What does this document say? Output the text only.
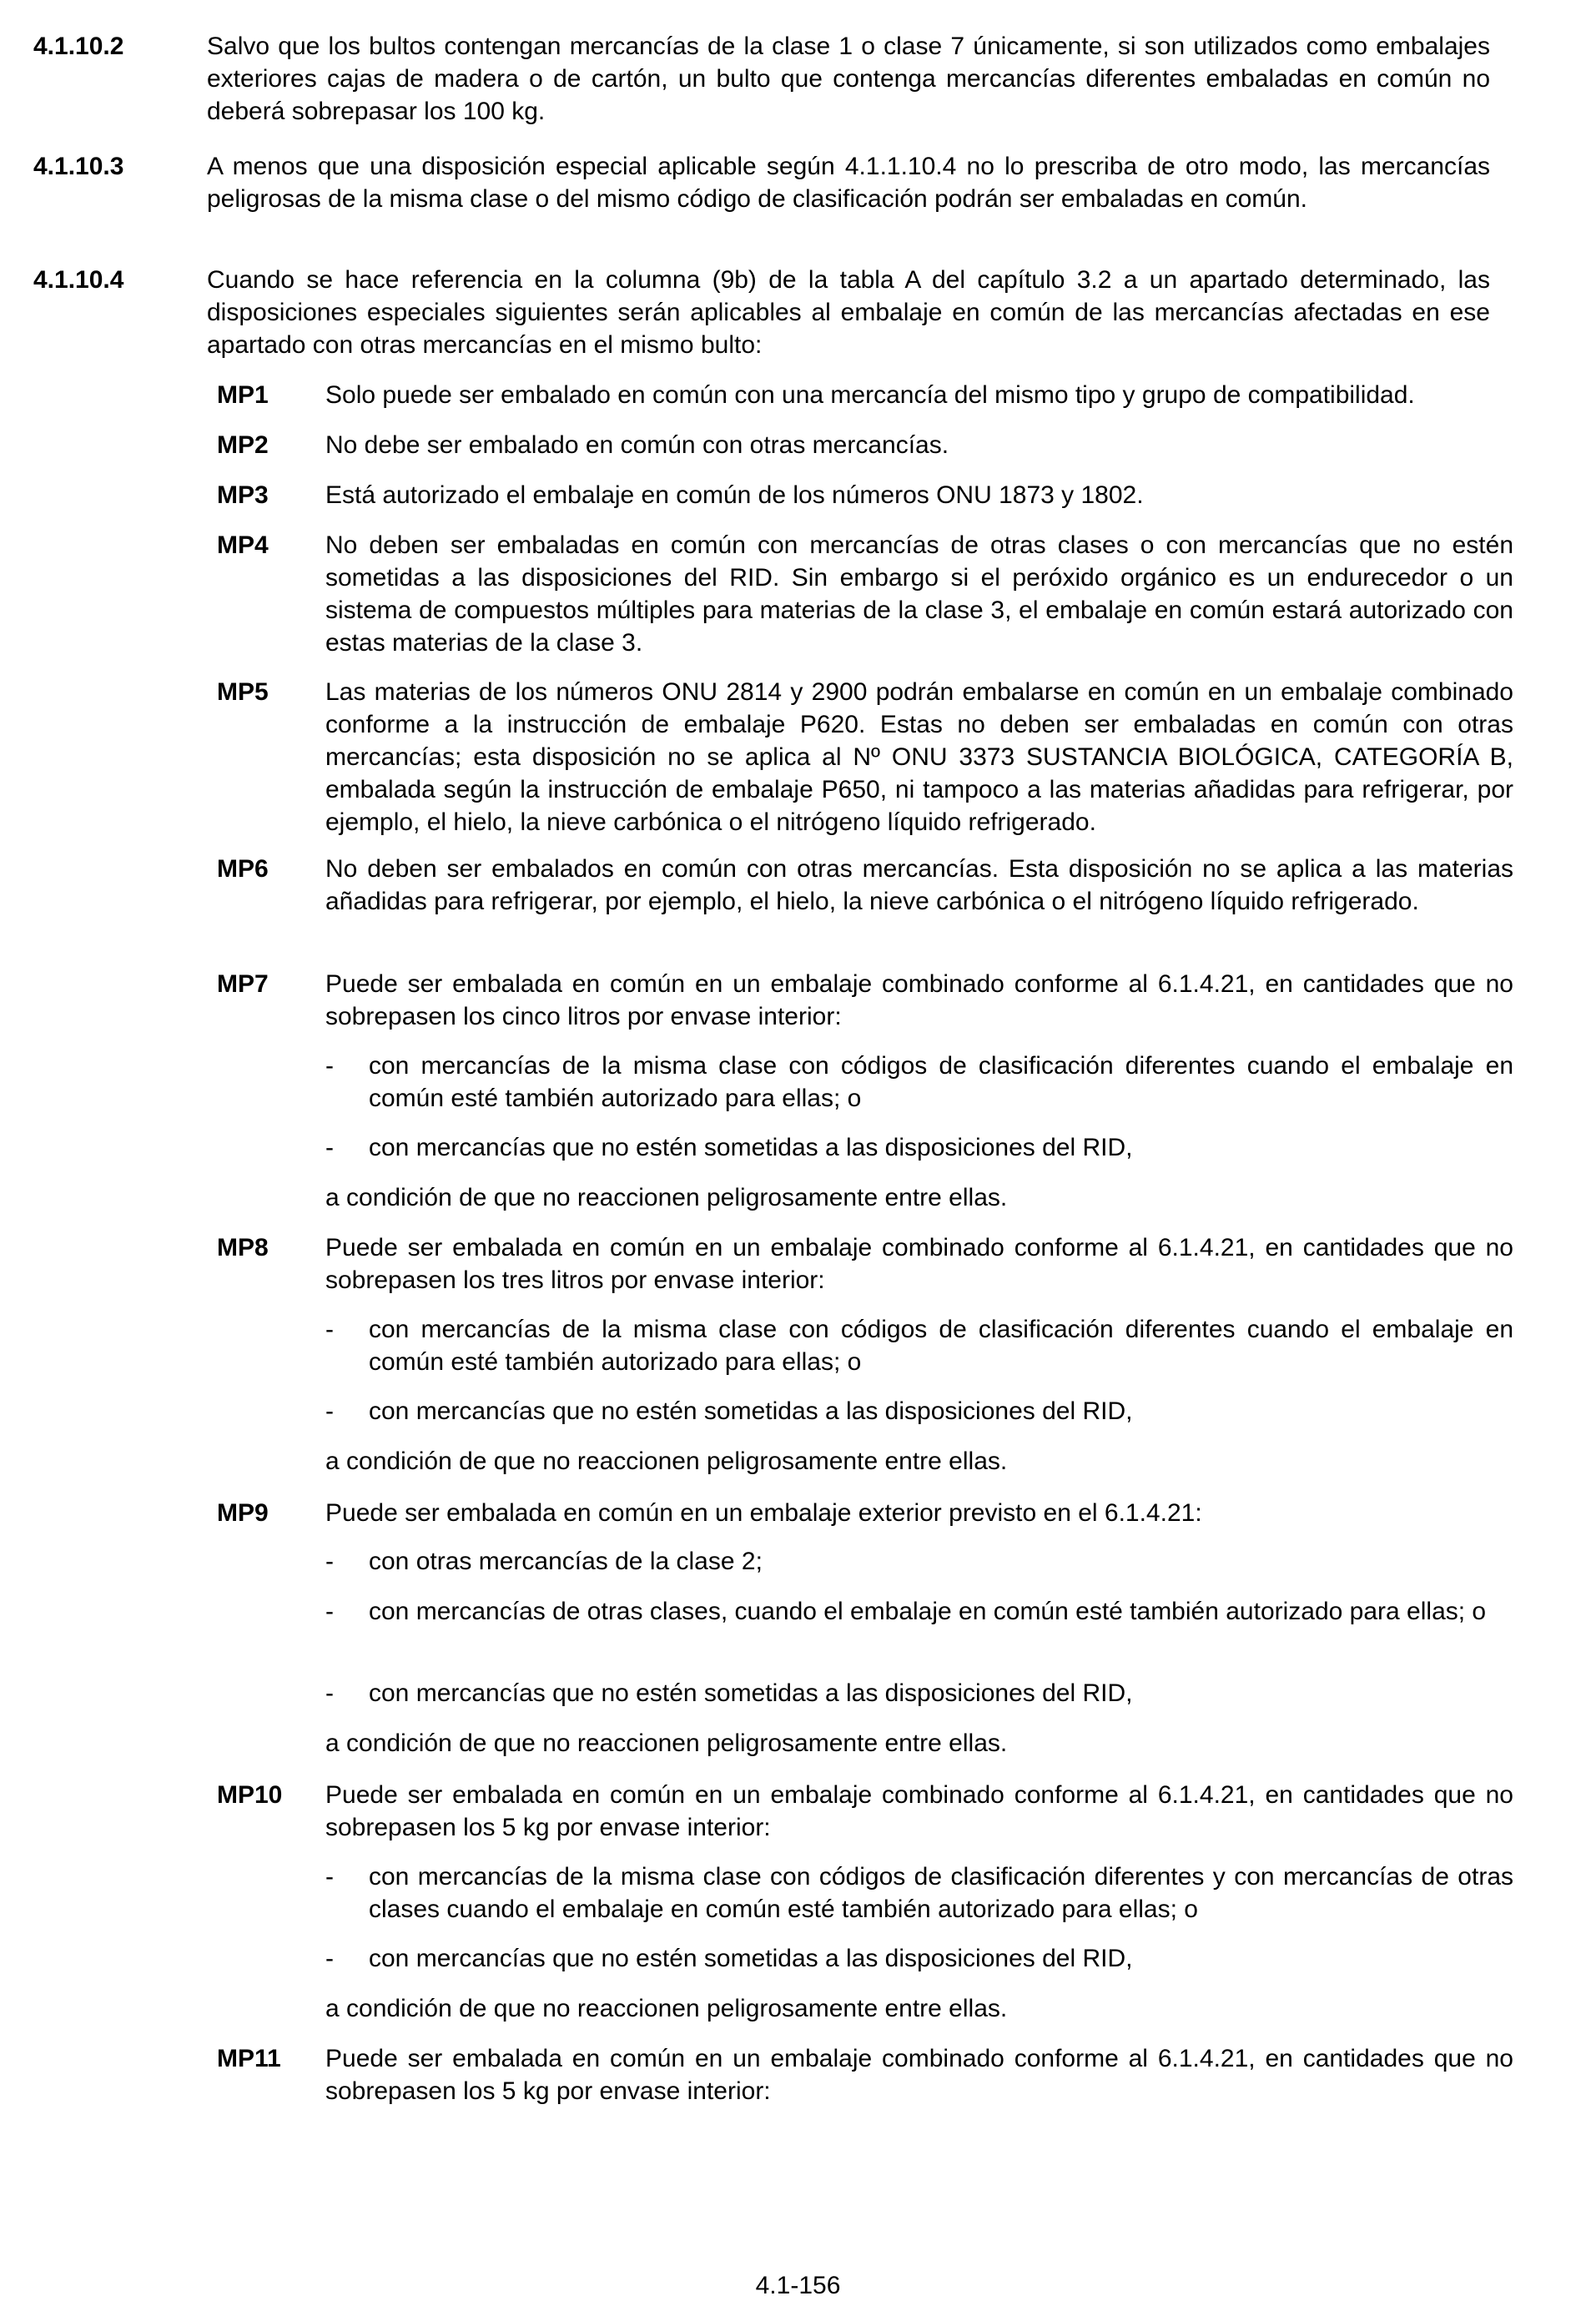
4.1.10.2	Salvo que los bultos contengan mercancías de la clase 1 o clase 7 únicamente, si son utilizados como embalajes exteriores cajas de madera o de cartón, un bulto que contenga mercancías diferentes embaladas en común no deberá sobrepasar los 100 kg.
4.1.10.3	A menos que una disposición especial aplicable según 4.1.1.10.4 no lo prescriba de otro modo, las mercancías peligrosas de la misma clase o del mismo código de clasificación podrán ser embaladas en común.
4.1.10.4	Cuando se hace referencia en la columna (9b) de la tabla A del capítulo 3.2 a un apartado determinado, las disposiciones especiales siguientes serán aplicables al embalaje en común de las mercancías afectadas en ese apartado con otras mercancías en el mismo bulto:
MP1 Solo puede ser embalado en común con una mercancía del mismo tipo y grupo de compatibilidad.
MP2 No debe ser embalado en común con otras mercancías.
MP3 Está autorizado el embalaje en común de los números ONU 1873 y 1802.
MP4 No deben ser embaladas en común con mercancías de otras clases o con mercancías que no estén sometidas a las disposiciones del RID. Sin embargo si el peróxido orgánico es un endurecedor o un sistema de compuestos múltiples para materias de la clase 3, el embalaje en común estará autorizado con estas materias de la clase 3.
MP5 Las materias de los números ONU 2814 y 2900 podrán embalarse en común en un embalaje combinado conforme a la instrucción de embalaje P620. Estas no deben ser embaladas en común con otras mercancías; esta disposición no se aplica al Nº ONU 3373 SUSTANCIA BIOLÓGICA, CATEGORÍA B, embalada según la instrucción de embalaje P650, ni tampoco a las materias añadidas para refrigerar, por ejemplo, el hielo, la nieve carbónica o el nitrógeno líquido refrigerado.
MP6 No deben ser embalados en común con otras mercancías. Esta disposición no se aplica a las materias añadidas para refrigerar, por ejemplo, el hielo, la nieve carbónica o el nitrógeno líquido refrigerado.
MP7 Puede ser embalada en común en un embalaje combinado conforme al 6.1.4.21, en cantidades que no sobrepasen los cinco litros por envase interior:
- con mercancías de la misma clase con códigos de clasificación diferentes cuando el embalaje en común esté también autorizado para ellas; o
- con mercancías que no estén sometidas a las disposiciones del RID,
a condición de que no reaccionen peligrosamente entre ellas.
MP8 Puede ser embalada en común en un embalaje combinado conforme al 6.1.4.21, en cantidades que no sobrepasen los tres litros por envase interior:
- con mercancías de la misma clase con códigos de clasificación diferentes cuando el embalaje en común esté también autorizado para ellas; o
- con mercancías que no estén sometidas a las disposiciones del RID,
a condición de que no reaccionen peligrosamente entre ellas.
MP9 Puede ser embalada en común en un embalaje exterior previsto en el 6.1.4.21:
- con otras mercancías de la clase 2;
- con mercancías de otras clases, cuando el embalaje en común esté también autorizado para ellas; o
- con mercancías que no estén sometidas a las disposiciones del RID,
a condición de que no reaccionen peligrosamente entre ellas.
MP10 Puede ser embalada en común en un embalaje combinado conforme al 6.1.4.21, en cantidades que no sobrepasen los 5 kg por envase interior:
- con mercancías de la misma clase con códigos de clasificación diferentes y con mercancías de otras clases cuando el embalaje en común esté también autorizado para ellas; o
- con mercancías que no estén sometidas a las disposiciones del RID,
a condición de que no reaccionen peligrosamente entre ellas.
MP11 Puede ser embalada en común en un embalaje combinado conforme al 6.1.4.21, en cantidades que no sobrepasen los 5 kg por envase interior:
4.1-156
